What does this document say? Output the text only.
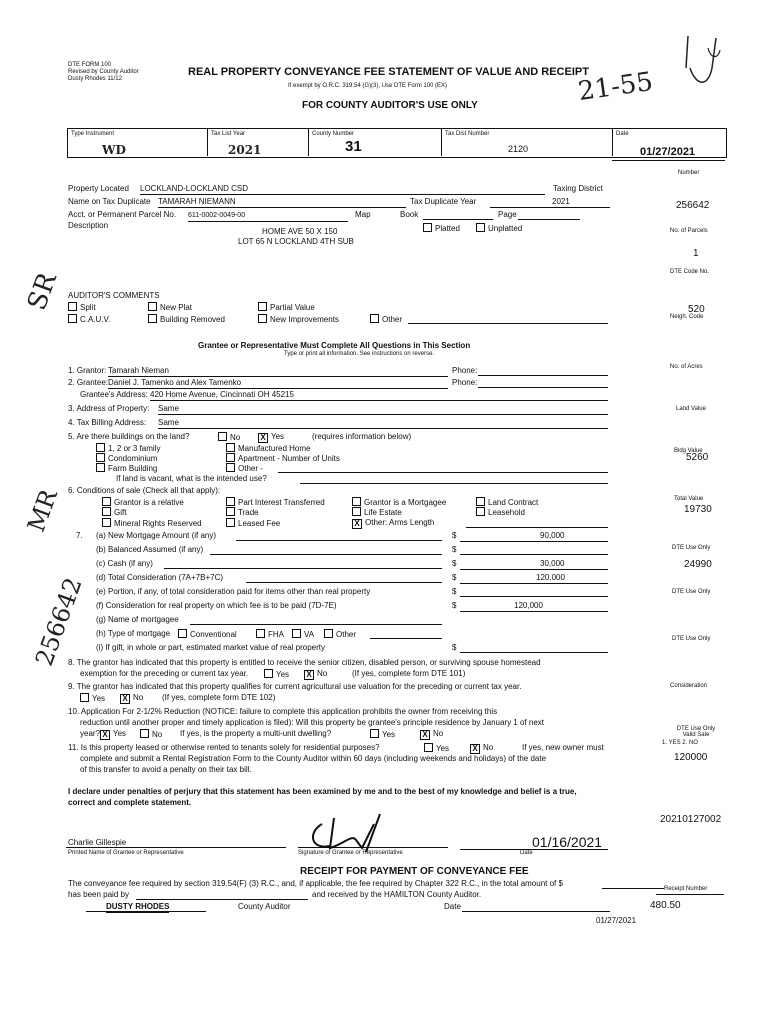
DTE FORM 100
Revised by County Auditor
Dusty Rhodes 11/12
REAL PROPERTY CONVEYANCE FEE STATEMENT OF VALUE AND RECEIPT
If exempt by O.R.C. 319.54 (G)(3), Use DTE Form 100 (EX)
FOR COUNTY AUDITOR'S USE ONLY	21-55
Type Instrument
WD
Tax List Year
2021
County Number
31
Tax Dist Number
2120
Date
01/27/2021
Property Located LOCKLAND-LOCKLAND CSD	Taxing District
Name on Tax Duplicate TAMARAH NIEMANN	Tax Duplicate Year	2021
Acct. or Permanent Parcel No. 611-0002-0049-00	Map	Book	Page
Description
HOME AVE 50 X 150
LOT 65 N LOCKLAND 4TH SUB
Platted	Unplatted
AUDITOR'S COMMENTS
Split	New Plat	Partial Value
C.A.U.V.	Building Removed	New Improvements	Other
Grantee or Representative Must Complete All Questions in This Section
Type or print all information. See instructions on reverse.
1. Grantor: Tamarah Nieman	Phone:
2. Grantee: Daniel J. Tamenko and Alex Tamenko	Phone:
Grantee's Address: 420 Home Avenue, Cincinnati OH 45215
3. Address of Property: Same
4. Tax Billing Address: Same
5. Are there buildings on the land?	No	X Yes	(requires information below)
1, 2 or 3 family
Condominium
Farm Building
Manufactured Home
Apartment - Number of Units
Other -
If land is vacant, what is the intended use?
6. Conditions of sale (Check all that apply):
Grantor is a relative
Gift
Mineral Rights Reserved
Part Interest Transferred
Trade
Leased Fee
Grantor is a Mortgagee
Life Estate
X Other: Arms Length
Land Contract
Leasehold
7. (a) New Mortgage Amount (if any)	$	90,000
(b) Balanced Assumed (if any)	$
(c) Cash (if any)	$	30,000
(d) Total Consideration (7A+7B+7C)	$	120,000
(e) Portion, if any, of total consideration paid for items other than real property	$
(f) Consideration for real property on which fee is to be paid (7D-7E)	$	120,000
(g) Name of mortgagee
(h) Type of mortgage	Conventional	FHA	VA	Other
(i) If gift, in whole or part, estimated market value of real property	$
8. The grantor has indicated that this property is entitled to receive the senior citizen, disabled person, or surviving spouse homestead
exemption for the preceding or current tax year.	Yes X No	(If yes, complete form DTE 101)
9. The grantor has indicated that this property qualifies for current agricultural use valuation for the preceding or current tax year.
Yes X No (If yes, complete form DTE 102)
10. Application For 2-1/2% Reduction (NOTICE: failure to complete this application prohibits the owner from receiving this
reduction until another proper and timely application is filed): Will this property be grantee's principle residence by January 1 of next
year? X Yes	No If yes, is the property a multi-unit dwelling?	Yes	X No
11. Is this property leased or otherwise rented to tenants solely for residential purposes?	Yes	X No	If yes, new owner must
complete and submit a Rental Registration Form to the County Auditor within 60 days (including weekends and holidays) of the date
of this transfer to avoid a penalty on their tax bill.
I declare under penalties of perjury that this statement has been examined by me and to the best of my knowledge and belief is a true,
correct and complete statement.
Charlie Gillespie	01/16/2021
Printed Name of Grantee or Representative	Signature of Grantee or Representative	Date
RECEIPT FOR PAYMENT OF CONVEYANCE FEE
The conveyance fee required by section 319.54(F) (3) R.C., and, if applicable, the fee required by Chapter 322 R.C., in the total amount of $
has been paid by	and received by the HAMILTON County Auditor.
DUSTY RHODES	County Auditor	Date
01/27/2021
Number
256642
No. of Parcels
1
DTE Code No.
520
Neigh. Code
No. of Acres
Land Value
Bldg Value
5260
Total Value
19730
DTE Use Only
24990
DTE Use Only
DTE Use Only
Consideration
DTE Use Only Valid Sale
1. YES 2. NO
120000
20210127002
Receipt Number
480.50
SR
MR
256642
